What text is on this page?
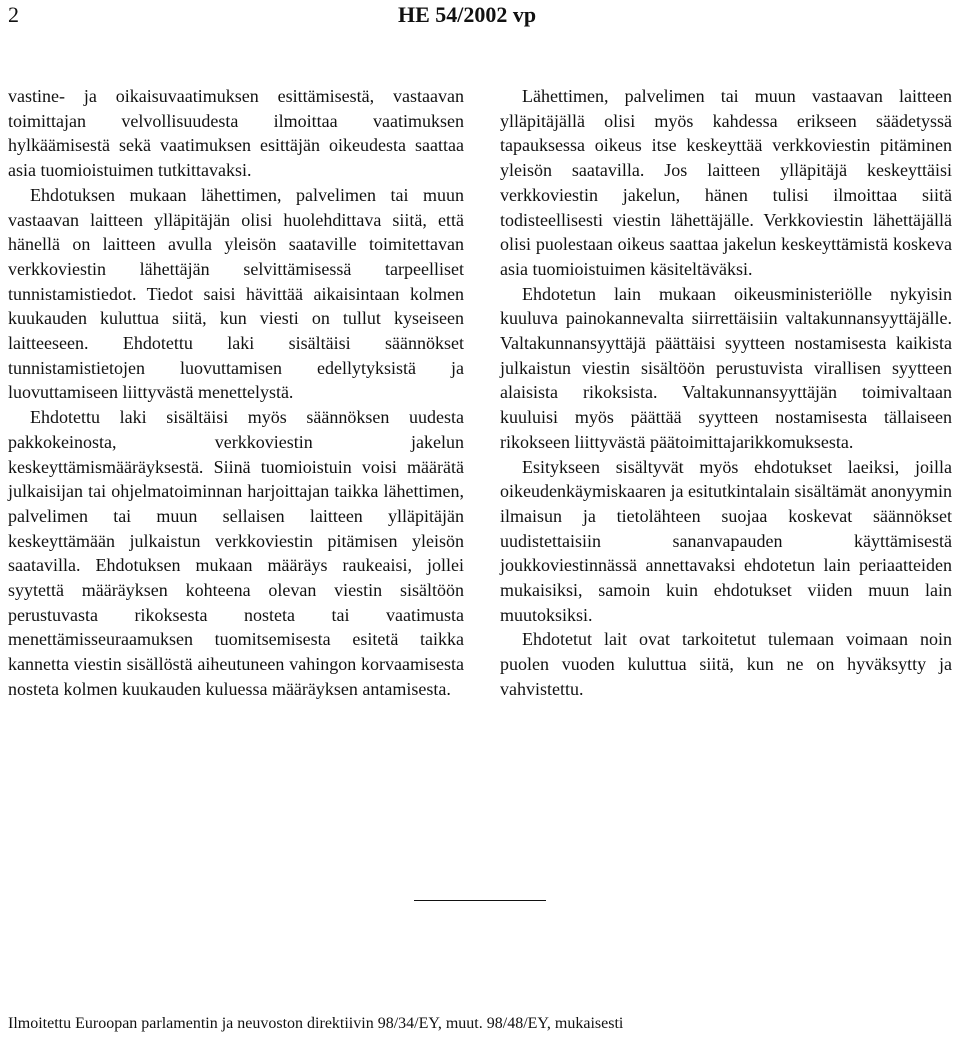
2	HE 54/2002 vp

vastine- ja oikaisuvaatimuksen esittämisestä, vastaavan toimittajan velvollisuudesta ilmoittaa vaatimuksen hylkäämisestä sekä vaatimuksen esittäjän oikeudesta saattaa asia tuomioistuimen tutkittavaksi.

Ehdotuksen mukaan lähettimen, palvelimen tai muun vastaavan laitteen ylläpitäjän olisi huolehdittava siitä, että hänellä on laitteen avulla yleisön saataville toimitettavan verkkoviestin lähettäjän selvittämisessä tarpeelliset tunnistamistiedot. Tiedot saisi hävittää aikaisintaan kolmen kuukauden kuluttua siitä, kun viesti on tullut kyseiseen laitteeseen. Ehdotettu laki sisältäisi säännökset tunnistamistietojen luovuttamisen edellytyksistä ja luovuttamiseen liittyvästä menettelystä.

Ehdotettu laki sisältäisi myös säännöksen uudesta pakkokeinosta, verkkoviestin jakelun keskeyttämismääräyksestä. Siinä tuomioistuin voisi määrätä julkaisijan tai ohjelmatoiminnan harjoittajan taikka lähettimen, palvelimen tai muun sellaisen laitteen ylläpitäjän keskeyttämään julkaistun verkkoviestin pitämisen yleisön saatavilla. Ehdotuksen mukaan määräys raukeaisi, jollei syytettä määräyksen kohteena olevan viestin sisältöön perustuvasta rikoksesta nosteta tai vaatimusta menettämisseuraamuksen tuomitsemisesta esitetä taikka kannetta viestin sisällöstä aiheutuneen vahingon korvaamisesta nosteta kolmen kuukauden kuluessa määräyksen antamisesta.

Lähettimen, palvelimen tai muun vastaavan laitteen ylläpitäjällä olisi myös kahdessa erikseen säädetyssä tapauksessa oikeus itse keskeyttää verkkoviestin pitäminen yleisön saatavilla. Jos laitteen ylläpitäjä keskeyttäisi verkkoviestin jakelun, hänen tulisi ilmoittaa siitä todisteellisesti viestin lähettäjälle. Verkkoviestin lähettäjällä olisi puolestaan oikeus saattaa jakelun keskeyttämistä koskeva asia tuomioistuimen käsiteltäväksi.

Ehdotetun lain mukaan oikeusministeriölle nykyisin kuuluva painokannevalta siirrettäisiin valtakunnansyyttäjälle. Valtakunnansyyttäjä päättäisi syytteen nostamisesta kaikista julkaistun viestin sisältöön perustuvista virallisen syytteen alaisista rikoksista. Valtakunnansyyttäjän toimivaltaan kuuluisi myös päättää syytteen nostamisesta tällaiseen rikokseen liittyvästä päätoimittajarikkomuksesta.

Esitykseen sisältyvät myös ehdotukset laeiksi, joilla oikeudenkäymiskaaren ja esitutkintalain sisältämät anonyymin ilmaisun ja tietolähteen suojaa koskevat säännökset uudistettaisiin sananvapauden käyttämisestä joukkoviestinnässä annettavaksi ehdotetun lain periaatteiden mukaisiksi, samoin kuin ehdotukset viiden muun lain muutoksiksi.

Ehdotetut lait ovat tarkoitetut tulemaan voimaan noin puolen vuoden kuluttua siitä, kun ne on hyväksytty ja vahvistettu.

Ilmoitettu Euroopan parlamentin ja neuvoston direktiivin 98/34/EY, muut. 98/48/EY, mukaisesti
